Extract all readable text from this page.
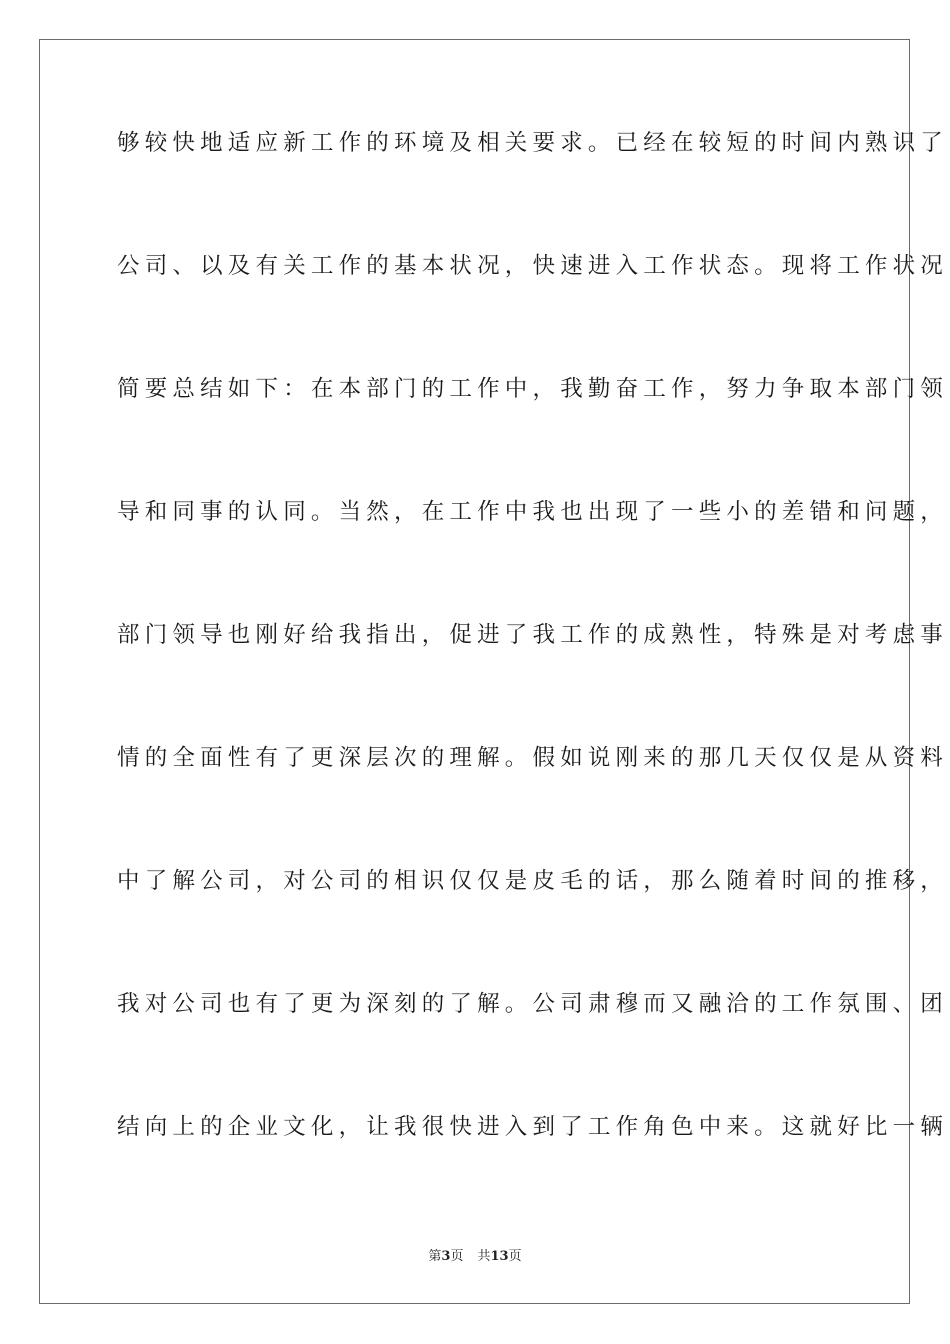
够较快地适应新工作的环境及相关要求。已经在较短的时间内熟识了
公司、以及有关工作的基本状况，快速进入工作状态。现将工作状况
简要总结如下：在本部门的工作中，我勤奋工作，努力争取本部门领
导和同事的认同。当然，在工作中我也出现了一些小的差错和问题，
部门领导也刚好给我指出，促进了我工作的成熟性，特殊是对考虑事
情的全面性有了更深层次的理解。假如说刚来的那几天仅仅是从资料
中了解公司，对公司的相识仅仅是皮毛的话，那么随着时间的推移，
我对公司也有了更为深刻的了解。公司肃穆而又融洽的工作氛围、团
结向上的企业文化，让我很快进入到了工作角色中来。这就好比一辆
第3页 共13页
